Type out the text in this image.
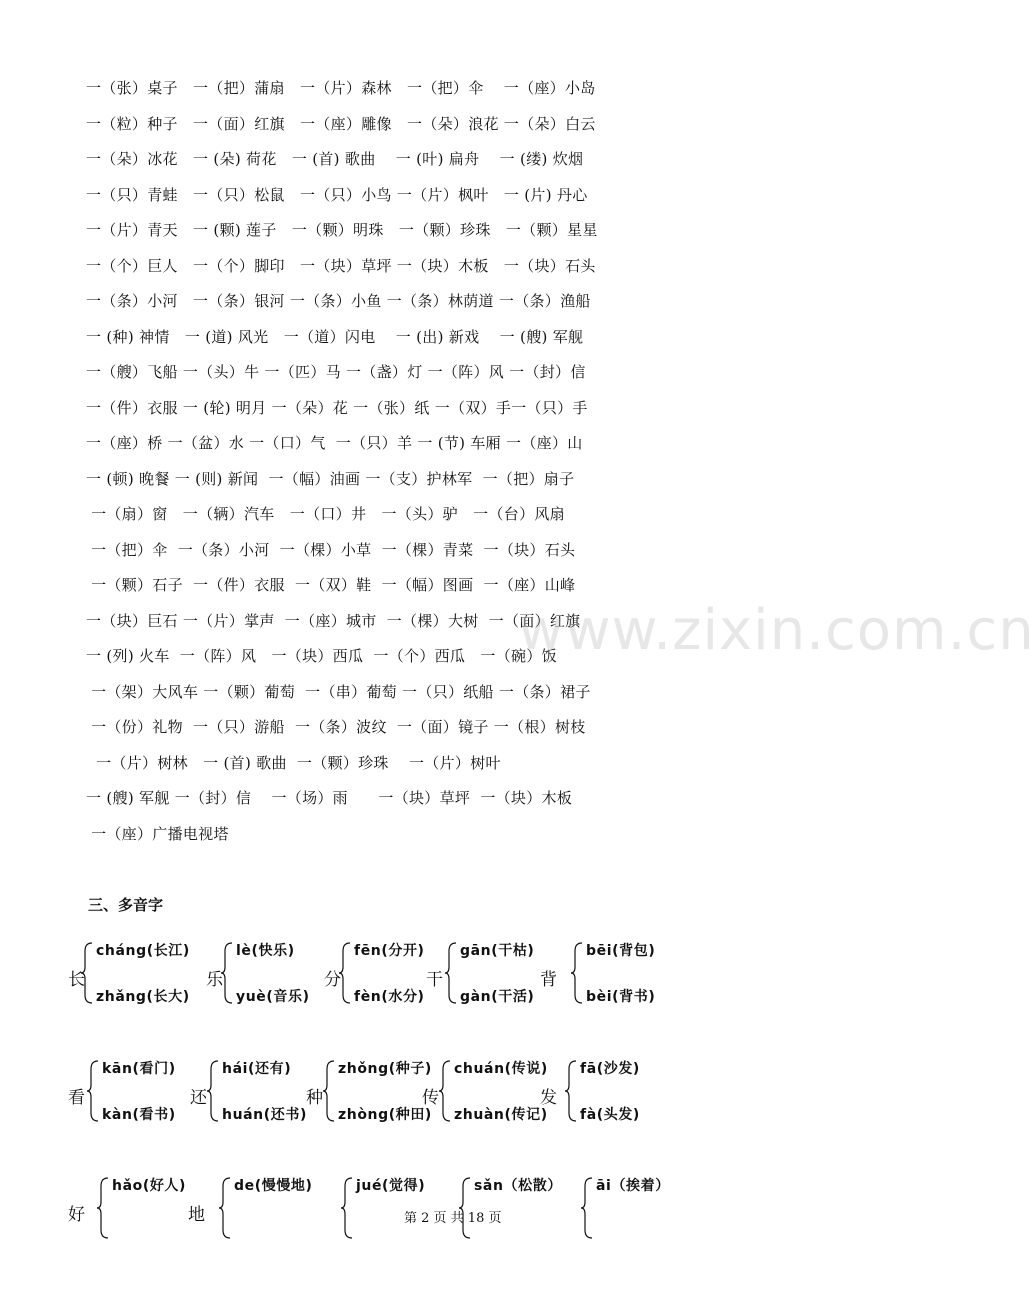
一（张）桌子   一（把）蒲扇   一（片）森林   一（把）伞    一（座）小岛
一（粒）种子   一（面）红旗   一（座）雕像   一（朵）浪花 一（朵）白云
一（朵）冰花   一 (朵) 荷花   一 (首) 歌曲    一 (叶) 扁舟    一 (缕) 炊烟
一（只）青蛙   一（只）松鼠   一（只）小鸟 一（片）枫叶   一 (片) 丹心
一（片）青天   一 (颗) 莲子   一（颗）明珠   一（颗）珍珠   一（颗）星星
一（个）巨人   一（个）脚印   一（块）草坪 一（块）木板   一（块）石头
一（条）小河   一（条）银河 一（条）小鱼 一（条）林荫道 一（条）渔船
一 (种) 神情   一 (道) 风光   一（道）闪电    一 (出) 新戏    一 (艘) 军舰
一（艘）飞船 一（头）牛 一（匹）马 一（盏）灯 一（阵）风 一（封）信
一（件）衣服 一 (轮) 明月 一（朵）花 一（张）纸 一（双）手一（只）手
一（座）桥 一（盆）水 一（口）气  一（只）羊 一 (节) 车厢 一（座）山
一 (顿) 晚餐 一 (则) 新闻  一（幅）油画 一（支）护林军  一（把）扇子
一（扇）窗   一（辆）汽车   一（口）井   一（头）驴   一（台）风扇
一（把）伞  一（条）小河  一（棵）小草  一（棵）青菜  一（块）石头
一（颗）石子  一（件）衣服  一（双）鞋  一（幅）图画  一（座）山峰
一（块）巨石 一（片）掌声  一（座）城市  一（棵）大树  一（面）红旗
一 (列) 火车  一（阵）风   一（块）西瓜  一（个）西瓜   一（碗）饭
一（架）大风车 一（颗）葡萄  一（串）葡萄 一（只）纸船 一（条）裙子
一（份）礼物  一（只）游船  一（条）波纹  一（面）镜子 一（根）树枝
一（片）树林   一 (首) 歌曲  一（颗）珍珠    一（片）树叶
一 (艘) 军舰 一（封）信    一（场）雨      一（块）草坪  一（块）木板
一（座）广播电视塔
三、多音字
长
cháng(长江)
zhǎng(长大)
乐
lè(快乐)
yuè(音乐)
分
fēn(分开)
fèn(水分)
干
gān(干枯)
gàn(干活)
背
bēi(背包)
bèi(背书)
看
kān(看门)
kàn(看书)
还
hái(还有)
huán(还书)
种
zhǒng(种子)
zhòng(种田)
传
chuán(传说)
zhuàn(传记)
发
fā(沙发)
fà(头发)
好
hǎo(好人)
地
de(慢慢地)	jué(觉得)	sǎn（松散） āi（挨着）
www.zixin.com.cn
第 2 页 共 18 页
